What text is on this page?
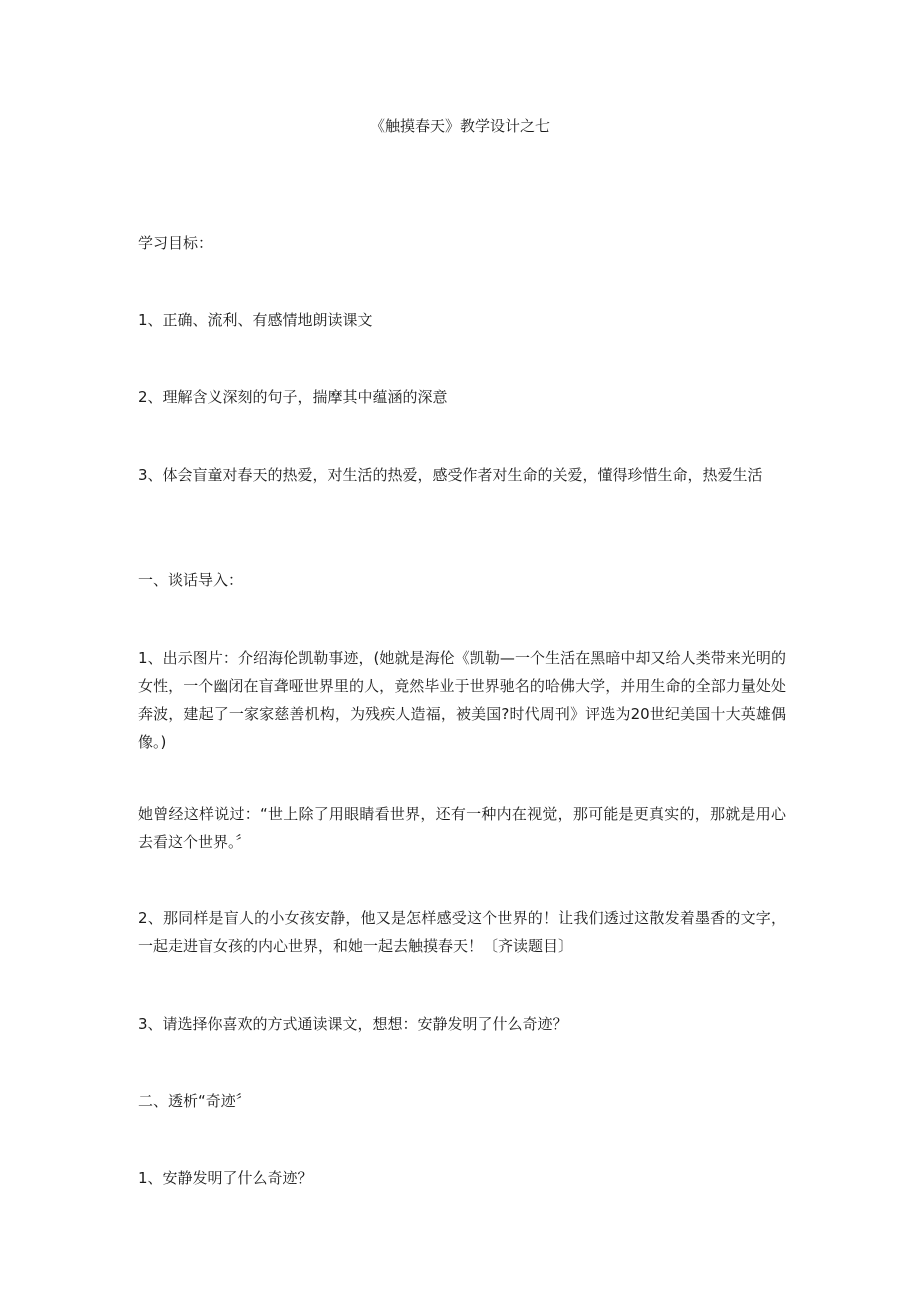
《触摸春天》教学设计之七
学习目标：
1、正确、流利、有感情地朗读课文
2、理解含义深刻的句子，揣摩其中蕴涵的深意
3、体会盲童对春天的热爱，对生活的热爱，感受作者对生命的关爱，懂得珍惜生命，热爱生活
一、谈话导入：
1、出示图片：介绍海伦凯勒事迹，(她就是海伦《凯勒—一个生活在黑暗中却又给人类带来光明的女性，一个幽闭在盲聋哑世界里的人，竟然毕业于世界驰名的哈佛大学，并用生命的全部力量处处奔波，建起了一家家慈善机构，为残疾人造福，被美国?时代周刊》评选为20世纪美国十大英雄偶像。)
她曾经这样说过：“世上除了用眼睛看世界，还有一种内在视觉，那可能是更真实的，那就是用心去看这个世界。〞
2、那同样是盲人的小女孩安静，他又是怎样感受这个世界的！让我们透过这散发着墨香的文字，一起走进盲女孩的内心世界，和她一起去触摸春天！〔齐读题目〕
3、请选择你喜欢的方式通读课文，想想：安静发明了什么奇迹？
二、透析“奇迹〞
1、安静发明了什么奇迹？
